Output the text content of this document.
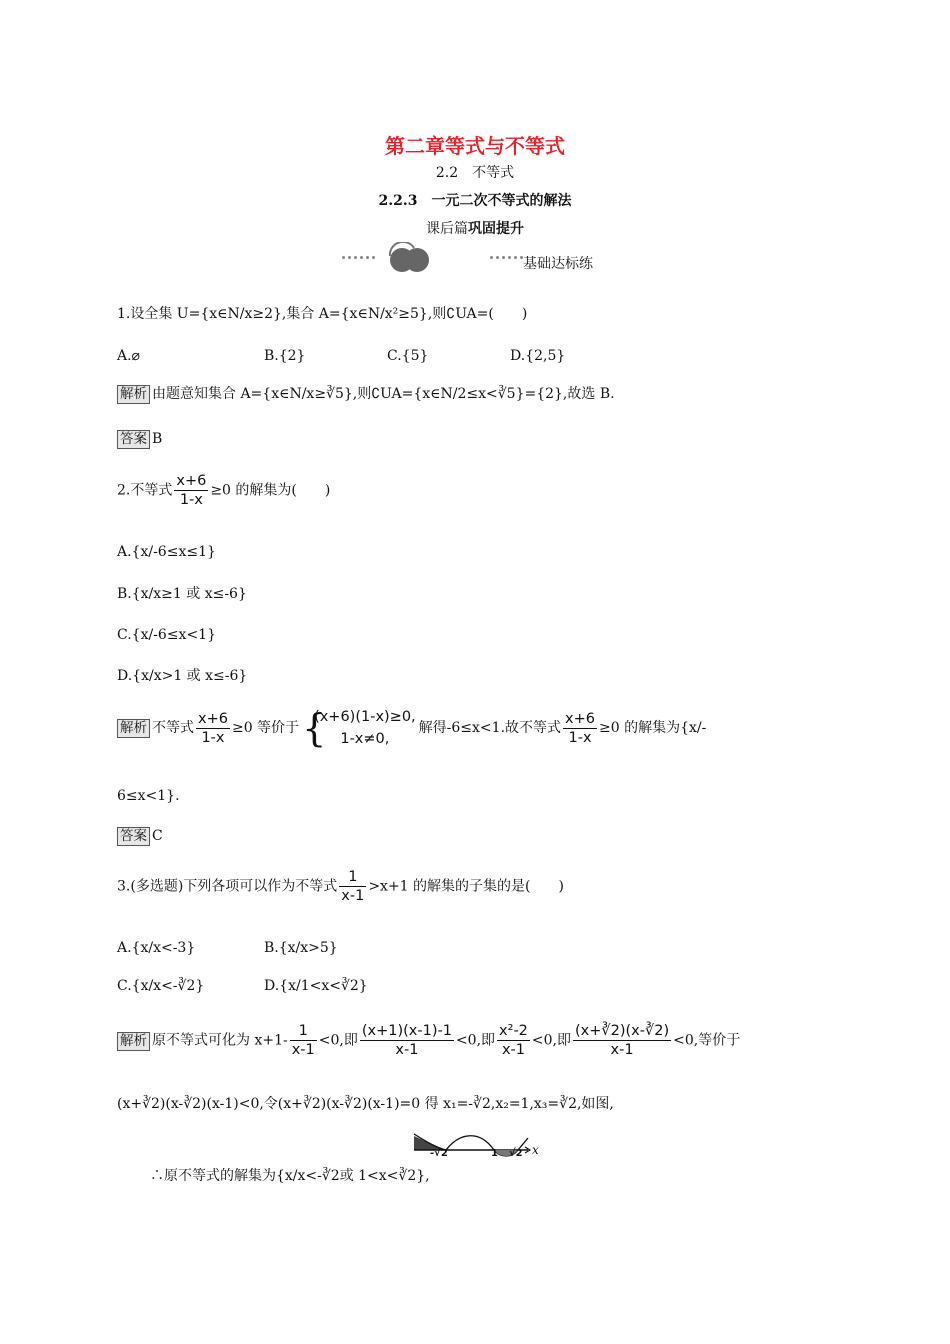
第二章等式与不等式
2.2　不等式
2.2.3　一元二次不等式的解法
课后篇巩固提升
基础达标练
1.设全集 U={x∈N/x≥2},集合 A={x∈N/x²≥5},则∁UA=(　　)
A.⌀	B.{2}	C.{5}	D.{2,5}
解析 由题意知集合 A={x∈N/x≥∛5},则∁UA={x∈N/2≤x<∛5}={2},故选 B.
答案 B
2.不等式 $\frac{x+6}{1-x} \ge 0$ 的解集为(　　)
A.{x/-6≤x≤1}
B.{x/x≥1 或 x≤-6}
C.{x/-6≤x<1}
D.{x/x>1 或 x≤-6}
解析 不等式 $\frac{x+6}{1-x} \ge 0$ 等价于 {
(x+6)(1-x)≥0,
1-x≠0,
解得-6≤x<1.故不等式 $\frac{x+6}{1-x} \ge 0$ 的解集为{x/-
6≤x<1}.
答案 C
3.(多选题)下列各项可以作为不等式 $\frac{1}{x-1} >x+1$ 的解集的子集的是(　　)
A.{x/x<-3}	B.{x/x>5}
C.{x/x<-∛2}	D.{x/1<x<∛2}
解析 原不等式可化为 $x+1- \frac{1}{x-1} <0$,即 $\frac{(x+1)(x-1)-1}{x-1} <0$,即 $\frac{\text{x²-2}}{x-1} <0$,即 $\frac{(x+∛2)(x-∛2)}{x-1} <0$,等价于
(x+∛2)(x-∛2)(x-1)<0,令(x+∛2)(x-∛2)(x-1)=0 得 x₁=-∛2,x₂=1,x₃=∛2,如图,
-√2	1 √2 x
∴原不等式的解集为{x/x<-∛2或 1<x<∛2},
